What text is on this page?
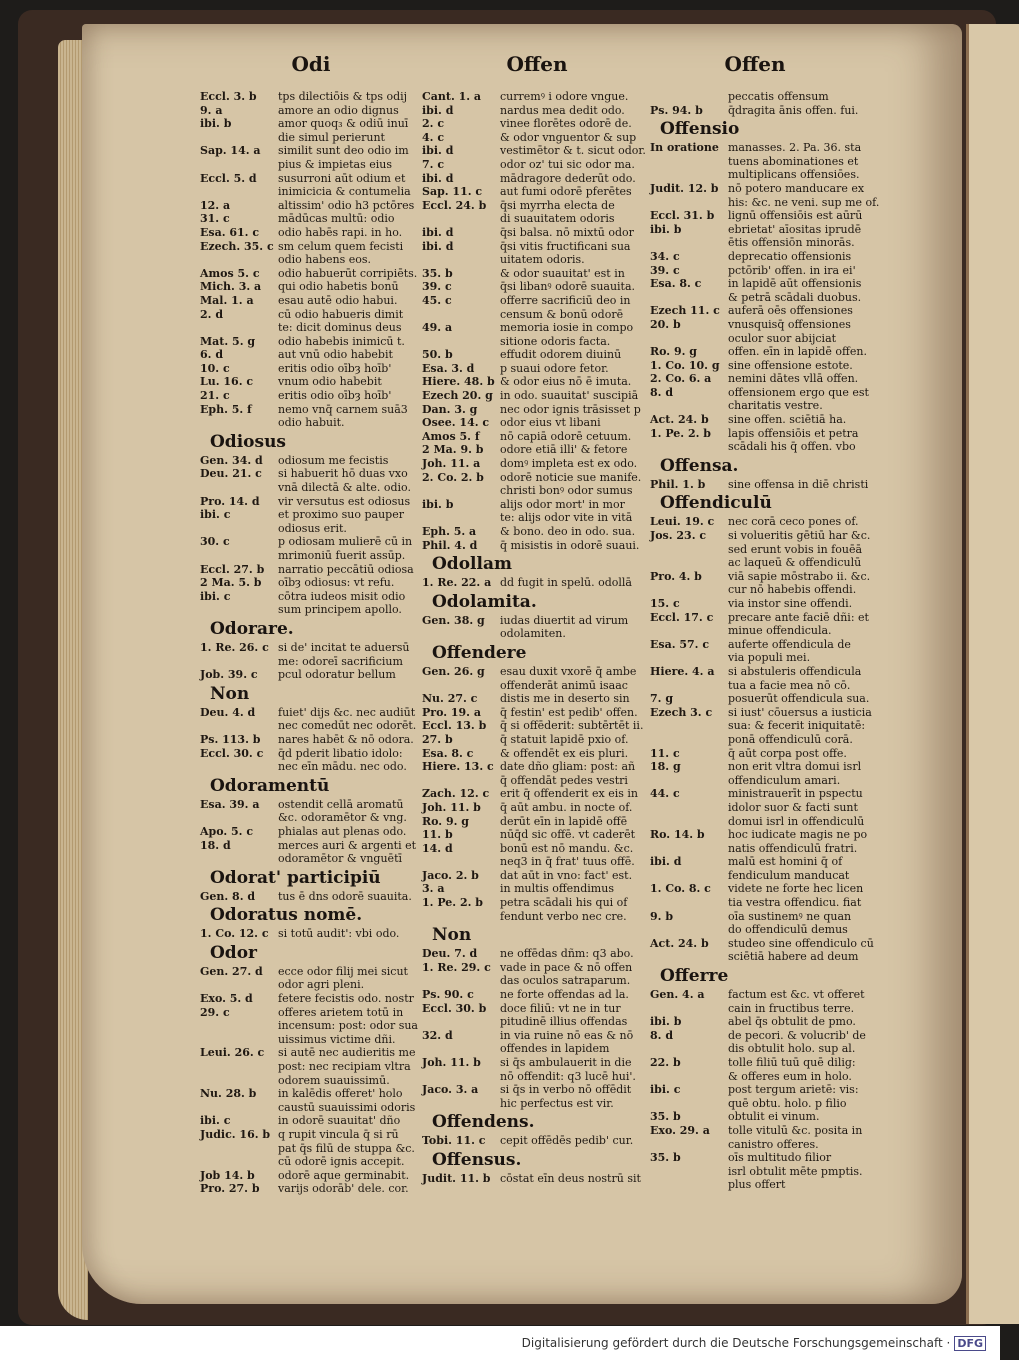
Odi
Eccl. 3. b tps dilectiōis & tps odij
9. a	amore an odio dignus
ibi. b	amor quoq₃ & odiū inuī
die simul perierunt
Sap. 14. a similit sunt deo odio im
pius & impietas eius
Eccl. 5. d susurroni aūt odium et
inimicicia & contumelia
12. a	altissim' odio h3 pctōres
31. c	mādūcas multū: odio
Esa. 61. c odio habēs rapi. in ho.
Ezech. 35. c sm celum quem fecisti
odio habens eos.
Amos 5. c odio habuerūt corripiēts.
Mich. 3. a qui odio habetis bonū
Mal. 1. a esau autē odio habui.
2. d	cū odio habueris dimit
te: dicit dominus deus
Mat. 5. g odio habebis inimicū t.
6. d	aut vnū odio habebit
10. c	eritis odio oībȝ hoīb'
Lu. 16. c vnum odio habebit
21. c	eritis odio oībȝ hoīb'
Eph. 5. f nemo vnq̄ carnem suā3
odio habuit.
Odiosus
Gen. 34. d odiosum me fecistis
Deu. 21. c si habuerit hō duas vxo
vnā dilectā & alte. odio.
Pro. 14. d vir versutus est odiosus
ibi. c	et proximo suo pauper
odiosus erit.
30. c	p odiosam mulierē cū in
mrimoniū fuerit assūp.
Eccl. 27. b narratio peccātiū odiosa
2 Ma. 5. b oībȝ odiosus: vt refu.
ibi. c	cōtra iudeos misit odio
sum principem apollo.
Odorare.
1. Re. 26. c si de' incitat te aduersū
me: odoreī sacrificium
Job. 39. c pcul odoratur bellum
Non
Deu. 4. d fuiet' dijs &c. nec audiūt
nec comedūt nec odorēt.
Ps. 113. b nares habēt & nō odora.
Eccl. 30. c q̄d pderit libatio idolo:
nec eīn mādu. nec odo.
Odoramentū
Esa. 39. a ostendit cellā aromatū
&c. odoramētor & vng.
Apo. 5. c phialas aut plenas odo.
18. d	merces auri & argenti et
odoramētor & vnguētī
Odorat' participiū
Gen. 8. d tus ē dns odorē suauita.
Odoratus nomē.
1. Co. 12. c si totū audit': vbi odo.
Odor
Gen. 27. d ecce odor filij mei sicut
odor agri pleni.
Exo. 5. d fetere fecistis odo. nostr
29. c	offeres arietem totū in
incensum: post: odor sua
uissimus victime dñi.
Leui. 26. c si autē nec audieritis me
post: nec recipiam vltra
odorem suauissimū.
Nu. 28. b in kalēdis offeret' holo
caustū suauissimi odoris
ibi. c	in odorē suauitat' dño
Judic. 16. b q rupit vincula q̄ si rū
pat q̄s filū de stuppa &c.
cū odorē ignis accepit.
Job 14. b odorē aque germinabit.
Pro. 27. b varijs odorāb' dele. cor.
Offen
Cant. 1. a curremꝰ i odore vngue.
ibi. d	nardus mea dedit odo.
2. c	vinee florētes odorē de.
4. c	& odor vnguentor & sup
ibi. d	vestimētor & t. sicut odor.
7. c	odor oz' tui sic odor ma.
ibi. d	mādragore dederūt odo.
Sap. 11. c aut fumi odorē pferētes
Eccl. 24. b q̄si myrrha electa de
di suauitatem odoris
ibi. d	q̄si balsa. nō mixtū odor
ibi. d	q̄si vitis fructificani sua
uitatem odoris.
35. b	& odor suauitat' est in
39. c	q̄si libanꝰ odorē suauita.
45. c	offerre sacrificiū deo in
censum & bonū odorē
49. a	memoria iosie in compo
sitione odoris facta.
50. b	effudit odorem diuinū
Esa. 3. d p suaui odore fetor.
Hiere. 48. b & odor eius nō ē imuta.
Ezech 20. g in odo. suauitat' suscipiā
Dan. 3. g nec odor ignis trāsisset p
Osee. 14. c odor eius vt libani
Amos 5. f nō capiā odorē cetuum.
2 Ma. 9. b odore etiā illi' & fetore
Joh. 11. a domꝰ impleta est ex odo.
2. Co. 2. b odorē noticie sue manife.
christi bonꝰ odor sumus
ibi. b	alijs odor mort' in mor
te: alijs odor vite in vitā
Eph. 5. a & bono. deo in odo. sua.
Phil. 4. d q̄ misistis in odorē suaui.
Odollam
1. Re. 22. a dd fugit in spelū. odollā
Odolamita.
Gen. 38. g iudas diuertit ad virum
odolamiten.
Offendere
Gen. 26. g esau duxit vxorē q̄ ambe
offenderāt animū isaac
Nu. 27. c distis me in deserto sin
Pro. 19. a q̄ festin' est pedib' offen.
Eccl. 13. b q̄ si offēderit: subtērtēt ii.
27. b	q̄ statuit lapidē pxio of.
Esa. 8. c & offendēt ex eis pluri.
Hiere. 13. c date dño gliam: post: añ
q̄ offendāt pedes vestri
Zach. 12. c erit q̄ offenderit ex eis in
Joh. 11. b q̄ aūt ambu. in nocte of.
Ro. 9. g	derūt eīn in lapidē offē
11. b	nūq̄d sic offē. vt caderēt
14. d	bonū est nō mandu. &c.
neq3 in q̄ frat' tuus offē.
Jaco. 2. b dat aūt in vno: fact' est.
3. a	in multis offendimus
1. Pe. 2. b petra scādali his qui of
fendunt verbo nec cre.
Non
Deu. 7. d ne offēdas dñm: q3 abo.
1. Re. 29. c vade in pace & nō offen
das oculos satraparum.
Ps. 90. c ne forte offendas ad la.
Eccl. 30. b doce filiū: vt ne in tur
pitudinē illius offendas
32. d	in via ruine nō eas & nō
offendes in lapidem
Joh. 11. b si q̄s ambulauerit in die
nō offendit: q3 lucē hui'.
Jaco. 3. a si q̄s in verbo nō offēdit
hic perfectus est vir.
Offendens.
Tobi. 11. c cepit offēdēs pedib' cur.
Offensus.
Judit. 11. b cōstat eīn deus nostrū sit
Offen
peccatis offensum
Ps. 94. b q̄dragita ānis offen. fui.
Offensio
In oratione manasses. 2. Pa. 36. sta
tuens abominationes et
multiplicans offensiōes.
Judit. 12. b nō potero manducare ex
his: &c. ne veni. sup me of.
Eccl. 31. b lignū offensiōis est aūrū
ibi. b	ebrietat' aīositas iprudē
ētis offensiōn minorās.
34. c	deprecatio offensionis
39. c	pctōrib' offen. in ira ei'
Esa. 8. c in lapidē aūt offensionis
& petrā scādali duobus.
Ezech 11. c auferā oēs offensiones
20. b	vnusquisq̄ offensiones
oculor suor abijciat
Ro. 9. g	offen. eīn in lapidē offen.
1. Co. 10. g sine offensione estote.
2. Co. 6. a nemini dātes vllā offen.
8. d	offensionem ergo que est
charitatis vestre.
Act. 24. b sine offen. sciētiā ha.
1. Pe. 2. b lapis offensiōis et petra
scādali his q̄ offen. vbo
Offensa.
Phil. 1. b sine offensa in diē christi
Offendiculū
Leui. 19. c nec corā ceco pones of.
Jos. 23. c si volueritis gētiū har &c.
sed erunt vobis in fouēā
ac laqueū & offendiculū
Pro. 4. b viā sapie mōstrabo ii. &c.
cur nō habebis offendi.
15. c	via instor sine offendi.
Eccl. 17. c precare ante faciē dñi: et
minue offendicula.
Esa. 57. c auferte offendicula de
via populi mei.
Hiere. 4. a si abstuleris offendicula
tua a facie mea nō cō.
7. g	posuerūt offendicula sua.
Ezech 3. c si iust' cōuersus a iusticia
sua: & fecerit iniquitatē:
ponā offendiculū corā.
11. c	q̄ aūt corpa post offe.
18. g	non erit vltra domui isrl
offendiculum amari.
44. c	ministrauerīt in pspectu
idolor suor & facti sunt
domui isrl in offendiculū
Ro. 14. b hoc iudicate magis ne po
natis offendiculū fratri.
ibi. d	malū est homini q̄ of
fendiculum manducat
1. Co. 8. c videte ne forte hec licen
tia vestra offendicu. fiat
9. b	oīa sustinemꝰ ne quan
do offendiculū demus
Act. 24. b studeo sine offendiculo cū
sciētiā habere ad deum
Offerre
Gen. 4. a factum est &c. vt offeret
cain in fructibus terre.
ibi. b	abel q̄s obtulit de pmo.
8. d	de pecori. & volucrib' de
dis obtulit holo. sup al.
22. b	tolle filiū tuū quē dilig:
& offeres eum in holo.
ibi. c	post tergum arietē: vis:
quē obtu. holo. p filio
35. b	obtulit ei vinum.
Exo. 29. a tolle vitulū &c. posita in
canistro offeres.
35. b	oīs multitudo filior
isrl obtulit mēte pmptis.
plus offert
Digitalisierung gefördert durch die Deutsche Forschungsgemeinschaft · DFG
